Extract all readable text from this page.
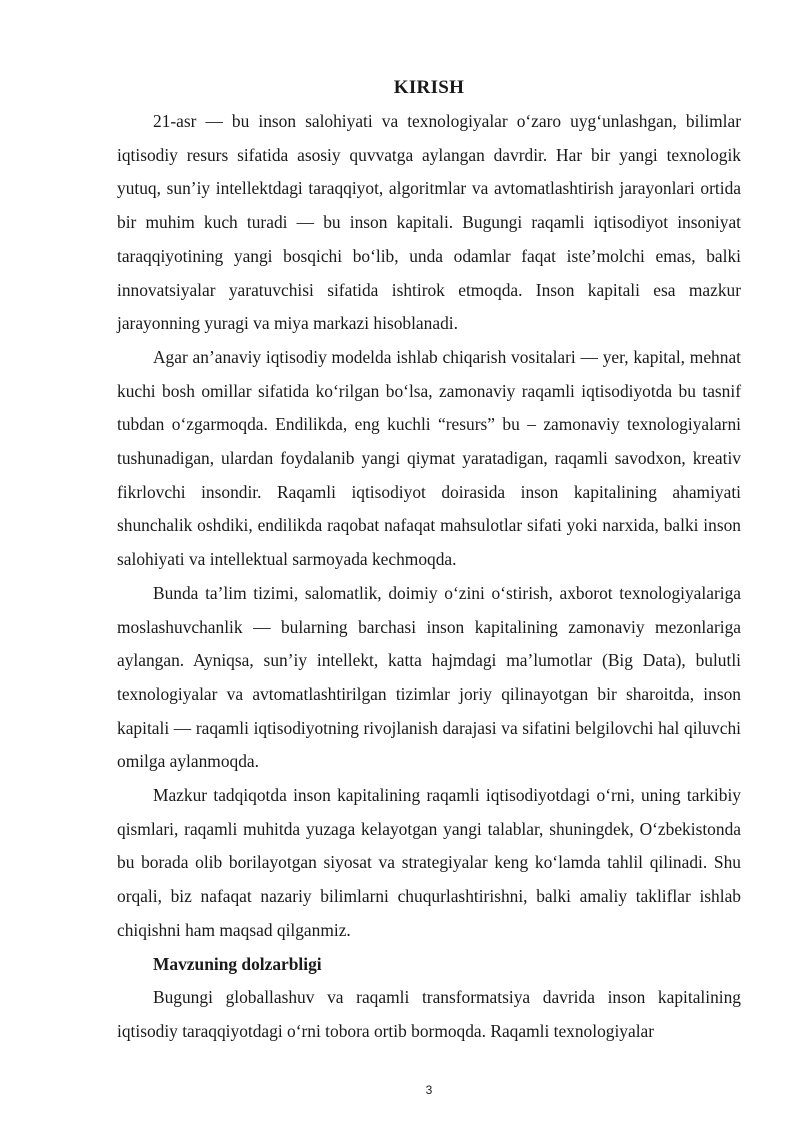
KIRISH

21-asr — bu inson salohiyati va texnologiyalar oʻzaro uygʻunlashgan, bilimlar iqtisodiy resurs sifatida asosiy quvvatga aylangan davrdir. Har bir yangi texnologik yutuq, sun’iy intellektdagi taraqqiyot, algoritmlar va avtomatlashtirish jarayonlari ortida bir muhim kuch turadi — bu inson kapitali. Bugungi raqamli iqtisodiyot insoniyat taraqqiyotining yangi bosqichi boʻlib, unda odamlar faqat iste’molchi emas, balki innovatsiyalar yaratuvchisi sifatida ishtirok etmoqda. Inson kapitali esa mazkur jarayonning yuragi va miya markazi hisoblanadi.

Agar an’anaviy iqtisodiy modelda ishlab chiqarish vositalari — yer, kapital, mehnat kuchi bosh omillar sifatida koʻrilgan boʻlsa, zamonaviy raqamli iqtisodiyotda bu tasnif tubdan oʻzgarmoqda. Endilikda, eng kuchli “resurs” bu – zamonaviy texnologiyalarni tushunadigan, ulardan foydalanib yangi qiymat yaratadigan, raqamli savodxon, kreativ fikrlovchi insondir. Raqamli iqtisodiyot doirasida inson kapitalining ahamiyati shunchalik oshdiki, endilikda raqobat nafaqat mahsulotlar sifati yoki narxida, balki inson salohiyati va intellektual sarmoyada kechmoqda.

Bunda ta’lim tizimi, salomatlik, doimiy oʻzini oʻstirish, axborot texnologiyalariga moslashuvchanlik — bularning barchasi inson kapitalining zamonaviy mezonlariga aylangan. Ayniqsa, sun’iy intellekt, katta hajmdagi ma’lumotlar (Big Data), bulutli texnologiyalar va avtomatlashtirilgan tizimlar joriy qilinayotgan bir sharoitda, inson kapitali — raqamli iqtisodiyotning rivojlanish darajasi va sifatini belgilovchi hal qiluvchi omilga aylanmoqda.

Mazkur tadqiqotda inson kapitalining raqamli iqtisodiyotdagi oʻrni, uning tarkibiy qismlari, raqamli muhitda yuzaga kelayotgan yangi talablar, shuningdek, Oʻzbekistonda bu borada olib borilayotgan siyosat va strategiyalar keng koʻlamda tahlil qilinadi. Shu orqali, biz nafaqat nazariy bilimlarni chuqurlashtirishni, balki amaliy takliflar ishlab chiqishni ham maqsad qilganmiz.

Mavzuning dolzarbligi

Bugungi globallashuv va raqamli transformatsiya davrida inson kapitalining iqtisodiy taraqqiyotdagi oʻrni tobora ortib bormoqda. Raqamli texnologiyalar

3
